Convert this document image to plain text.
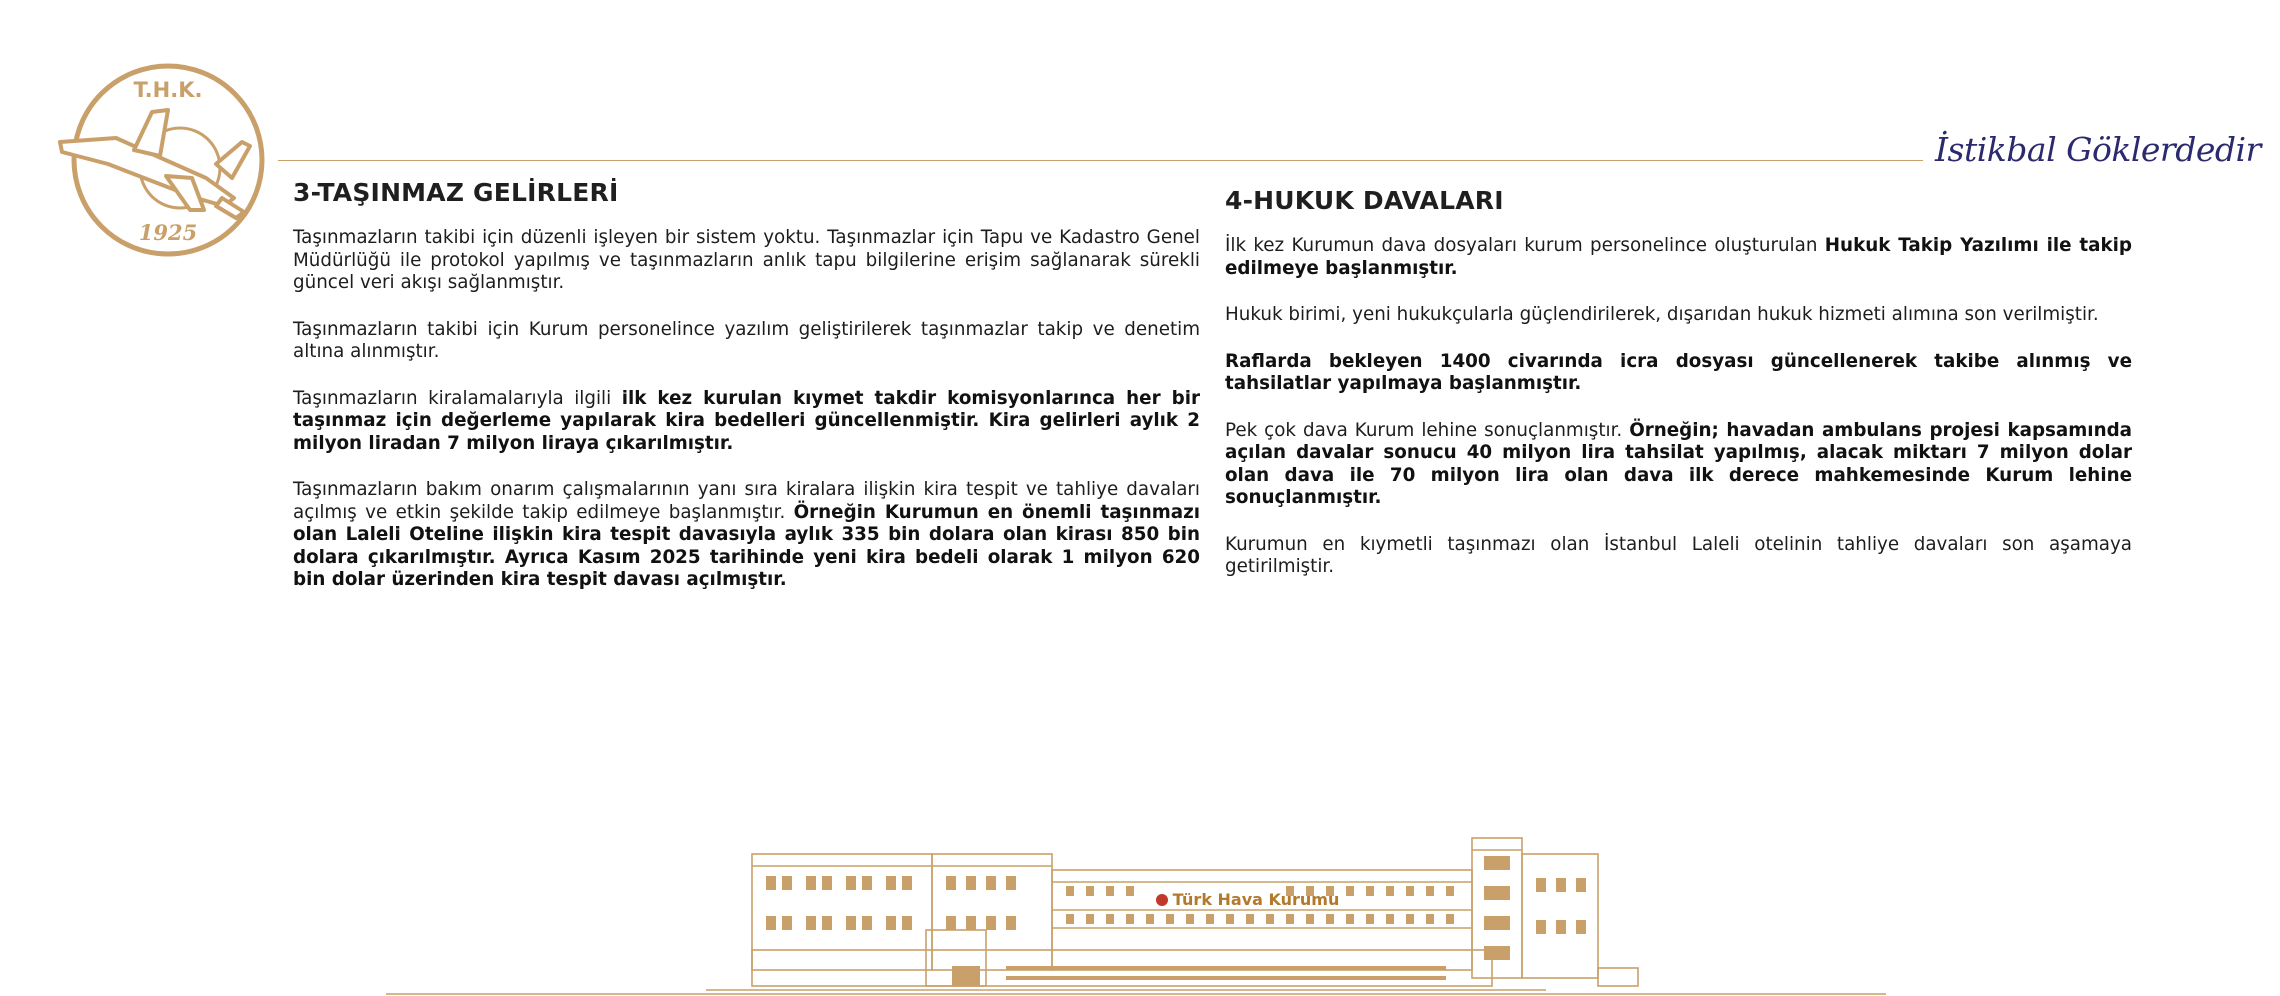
T.H.K.
1925
İstikbal Göklerdedir
3-TAŞINMAZ GELİRLERİ

Taşınmazların takibi için düzenli işleyen bir sistem yoktu. Taşınmazlar için Tapu ve Kadastro Genel Müdürlüğü ile protokol yapılmış ve taşınmazların anlık tapu bilgilerine erişim sağlanarak sürekli güncel veri akışı sağlanmıştır.

Taşınmazların takibi için Kurum personelince yazılım geliştirilerek taşınmazlar takip ve denetim altına alınmıştır.

Taşınmazların kiralamalarıyla ilgili ilk kez kurulan kıymet takdir komisyonlarınca her bir taşınmaz için değerleme yapılarak kira bedelleri güncellenmiştir. Kira gelirleri aylık 2 milyon liradan 7 milyon liraya çıkarılmıştır.

Taşınmazların bakım onarım çalışmalarının yanı sıra kiralara ilişkin kira tespit ve tahliye davaları açılmış ve etkin şekilde takip edilmeye başlanmıştır. Örneğin Kurumun en önemli taşınmazı olan Laleli Oteline ilişkin kira tespit davasıyla aylık 335 bin dolara olan kirası 850 bin dolara çıkarılmıştır. Ayrıca Kasım 2025 tarihinde yeni kira bedeli olarak 1 milyon 620 bin dolar üzerinden kira tespit davası açılmıştır.

4-HUKUK DAVALARI

İlk kez Kurumun dava dosyaları kurum personelince oluşturulan Hukuk Takip Yazılımı ile takip edilmeye başlanmıştır.

Hukuk birimi, yeni hukukçularla güçlendirilerek, dışarıdan hukuk hizmeti alımına son verilmiştir.

Raflarda bekleyen 1400 civarında icra dosyası güncellenerek takibe alınmış ve tahsilatlar yapılmaya başlanmıştır.

Pek çok dava Kurum lehine sonuçlanmıştır. Örneğin; havadan ambulans projesi kapsamında açılan davalar sonucu 40 milyon lira tahsilat yapılmış, alacak miktarı 7 milyon dolar olan dava ile 70 milyon lira olan dava ilk derece mahkemesinde Kurum lehine sonuçlanmıştır.

Kurumun en kıymetli taşınmazı olan İstanbul Laleli otelinin tahliye davaları son aşamaya getirilmiştir.

Türk Hava Kurumu
